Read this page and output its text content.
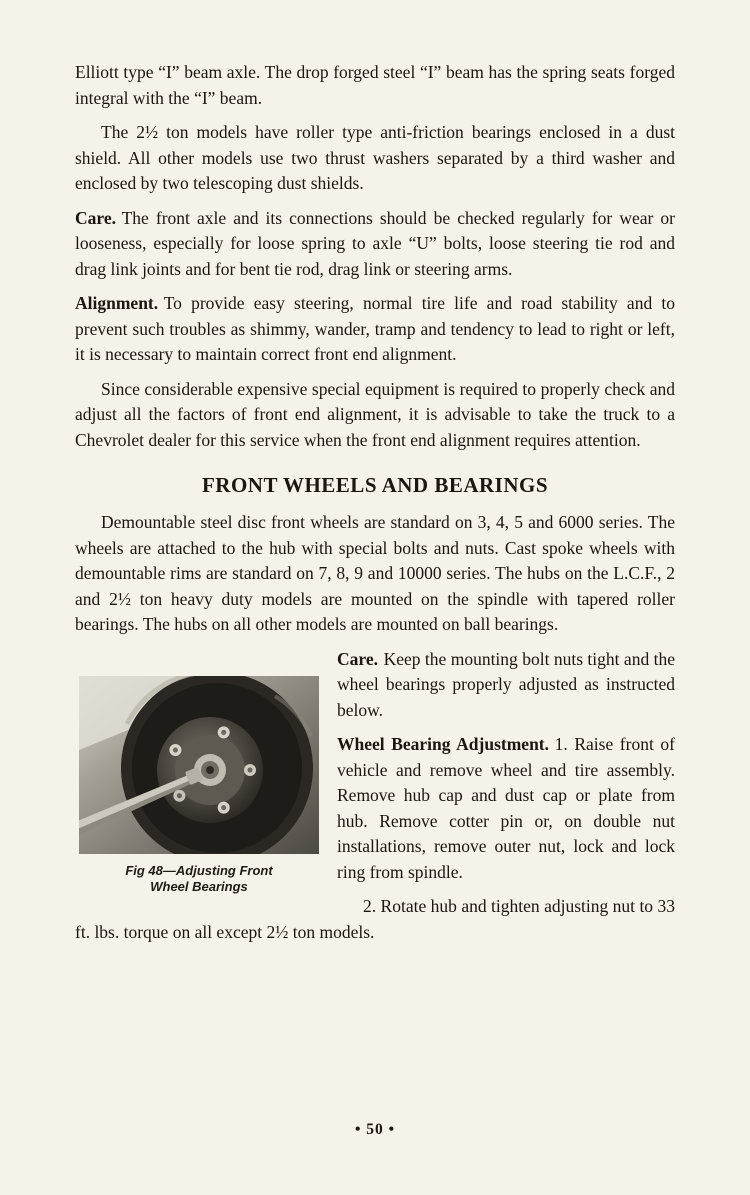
Elliott type “I” beam axle. The drop forged steel “I” beam has the spring seats forged integral with the “I” beam.

The 2½ ton models have roller type anti-friction bearings enclosed in a dust shield. All other models use two thrust washers separated by a third washer and enclosed by two telescoping dust shields.

Care. The front axle and its connections should be checked regularly for wear or looseness, especially for loose spring to axle “U” bolts, loose steering tie rod and drag link joints and for bent tie rod, drag link or steering arms.

Alignment. To provide easy steering, normal tire life and road stability and to prevent such troubles as shimmy, wander, tramp and tendency to lead to right or left, it is necessary to maintain correct front end alignment.

Since considerable expensive special equipment is required to properly check and adjust all the factors of front end alignment, it is advisable to take the truck to a Chevrolet dealer for this service when the front end alignment requires attention.

FRONT WHEELS AND BEARINGS

Demountable steel disc front wheels are standard on 3, 4, 5 and 6000 series. The wheels are attached to the hub with special bolts and nuts. Cast spoke wheels with demountable rims are standard on 7, 8, 9 and 10000 series. The hubs on the L.C.F., 2 and 2½ ton heavy duty models are mounted on the spindle with tapered roller bearings. The hubs on all other models are mounted on ball bearings.

Fig 48—Adjusting Front Wheel Bearings

Care. Keep the mounting bolt nuts tight and the wheel bearings properly adjusted as instructed below.

Wheel Bearing Adjustment. 1. Raise front of vehicle and remove wheel and tire assembly. Remove hub cap and dust cap or plate from hub. Remove cotter pin or, on double nut installations, remove outer nut, lock and lock ring from spindle.

2. Rotate hub and tighten adjusting nut to 33 ft. lbs. torque on all except 2½ ton models.

• 50 •
